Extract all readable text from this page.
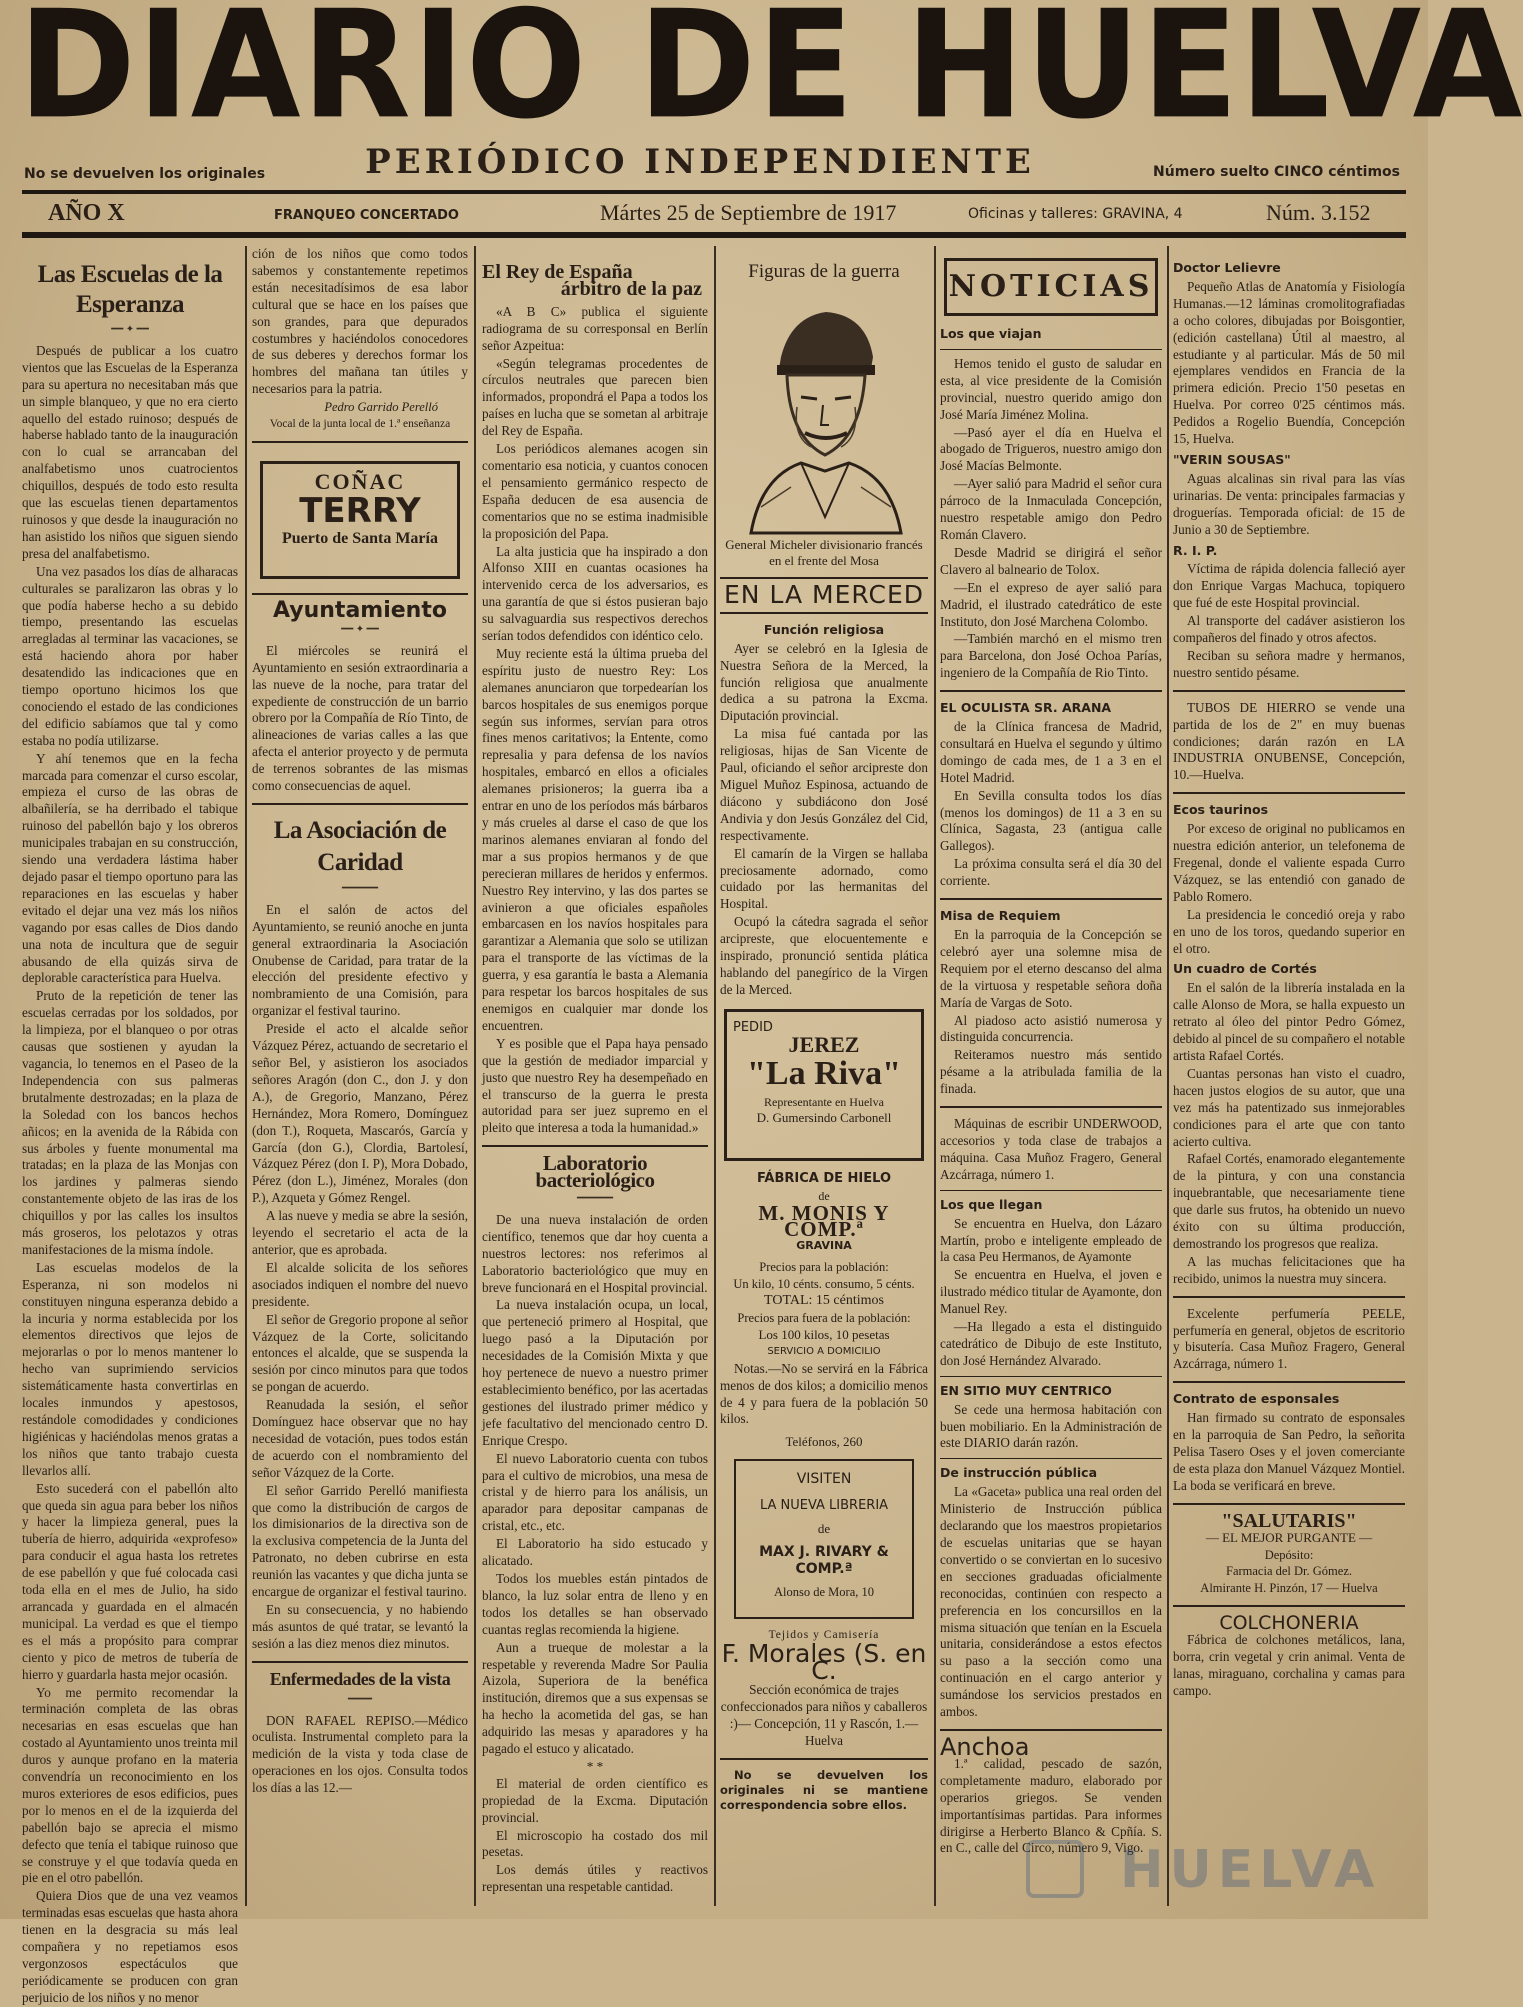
DIARIO DE HUELVA
No se devuelven los originales	PERIÓDICO INDEPENDIENTE	Número suelto CINCO céntimos
AÑO X	FRANQUEO CONCERTADO	Mártes 25 de Septiembre de 1917	Oficinas y talleres: GRAVINA, 4	Núm. 3.152
Las Escuelas de la Esperanza
━━ ✦ ━━

Después de publicar a los cuatro vientos que las Escuelas de la Esperanza para su apertura no necesitaban más que un simple blanqueo, y que no era cierto aquello del estado ruinoso; después de haberse hablado tanto de la inauguración con lo cual se arrancaban del analfabetismo unos cuatrocientos chiquillos, después de todo esto resulta que las escuelas tienen departamentos ruinosos y que desde la inauguración no han asistido los niños que siguen siendo presa del analfabetismo.

Una vez pasados los días de alharacas culturales se paralizaron las obras y lo que podía haberse hecho a su debido tiempo, presentando las escuelas arregladas al terminar las vacaciones, se está haciendo ahora por haber desatendido las indicaciones que en tiempo oportuno hicimos los que conociendo el estado de las condiciones del edificio sabíamos que tal y como estaba no podía utilizarse.

Y ahí tenemos que en la fecha marcada para comenzar el curso escolar, empieza el curso de las obras de albañilería, se ha derribado el tabique ruinoso del pabellón bajo y los obreros municipales trabajan en su construcción, siendo una verdadera lástima haber dejado pasar el tiempo oportuno para las reparaciones en las escuelas y haber evitado el dejar una vez más los niños vagando por esas calles de Dios dando una nota de incultura que de seguir abusando de ella quizás sirva de deplorable característica para Huelva.

Pruto de la repetición de tener las escuelas cerradas por los soldados, por la limpieza, por el blanqueo o por otras causas que sostienen y ayudan la vagancia, lo tenemos en el Paseo de la Independencia con sus palmeras brutalmente destrozadas; en la plaza de la Soledad con los bancos hechos añicos; en la avenida de la Rábida con sus árboles y fuente monumental ma tratadas; en la plaza de las Monjas con los jardines y palmeras siendo constantemente objeto de las iras de los chiquillos y por las calles los insultos más groseros, los pelotazos y otras manifestaciones de la misma índole.

Las escuelas modelos de la Esperanza, ni son modelos ni constituyen ninguna esperanza debido a la incuria y norma establecida por los elementos directivos que lejos de mejorarlas o por lo menos mantener lo hecho van suprimiendo servicios sistemáticamente hasta convertirlas en locales inmundos y apestosos, restándole comodidades y condiciones higiénicas y haciéndolas menos gratas a los niños que tanto trabajo cuesta llevarlos allí.

Esto sucederá con el pabellón alto que queda sin agua para beber los niños y hacer la limpieza general, pues la tubería de hierro, adquirida «exprofeso» para conducir el agua hasta los retretes de ese pabellón y que fué colocada casi toda ella en el mes de Julio, ha sido arrancada y guardada en el almacén municipal. La verdad es que el tiempo es el más a propósito para comprar ciento y pico de metros de tubería de hierro y guardarla hasta mejor ocasión.

Yo me permito recomendar la terminación completa de las obras necesarias en esas escuelas que han costado al Ayuntamiento unos treinta mil duros y aunque profano en la materia convendría un reconocimiento en los muros exteriores de esos edificios, pues por lo menos en el de la izquierda del pabellón bajo se aprecia el mismo defecto que tenía el tabique ruinoso que se construye y el que todavía queda en pie en el otro pabellón.

Quiera Dios que de una vez veamos terminadas esas escuelas que hasta ahora tienen en la desgracia su más leal compañera y no repetiamos esos vergonzosos espectáculos que periódicamente se producen con gran perjuicio de los niños y no menor

ción de los niños que como todos sabemos y constantemente repetimos están necesitadísimos de esa labor cultural que se hace en los países que son grandes, para que depurados costumbres y haciéndolos conocedores de sus deberes y derechos formar los hombres del mañana tan útiles y necesarios para la patria.

Pedro Garrido Perelló
Vocal de la junta local de 1.ª enseñanza
COÑAC
TERRY
Puerto de Santa María
Ayuntamiento
━━ ✦ ━━

El miércoles se reunirá el Ayuntamiento en sesión extraordinaria a las nueve de la noche, para tratar del expediente de construcción de un barrio obrero por la Compañía de Río Tinto, de alineaciones de varias calles a las que afecta el anterior proyecto y de permuta de terrenos sobrantes de las mismas como consecuencias de aquel.

La Asociación de Caridad
━━━━━━

En el salón de actos del Ayuntamiento, se reunió anoche en junta general extraordinaria la Asociación Onubense de Caridad, para tratar de la elección del presidente efectivo y nombramiento de una Comisión, para organizar el festival taurino.

Preside el acto el alcalde señor Vázquez Pérez, actuando de secretario el señor Bel, y asistieron los asociados señores Aragón (don C., don J. y don A.), de Gregorio, Manzano, Pérez Hernández, Mora Romero, Domínguez (don T.), Roqueta, Mascarós, García y García (don G.), Clordia, Bartolesí, Vázquez Pérez (don I. P), Mora Dobado, Pérez (don L.), Jiménez, Morales (don P.), Azqueta y Gómez Rengel.

A las nueve y media se abre la sesión, leyendo el secretario el acta de la anterior, que es aprobada.

El alcalde solicita de los señores asociados indiquen el nombre del nuevo presidente.

El señor de Gregorio propone al señor Vázquez de la Corte, solicitando entonces el alcalde, que se suspenda la sesión por cinco minutos para que todos se pongan de acuerdo.

Reanudada la sesión, el señor Domínguez hace observar que no hay necesidad de votación, pues todos están de acuerdo con el nombramiento del señor Vázquez de la Corte.

El señor Garrido Perelló manifiesta que como la distribución de cargos de los dimisionarios de la directiva son de la exclusiva competencia de la Junta del Patronato, no deben cubrirse en esta reunión las vacantes y que dicha junta se encargue de organizar el festival taurino.

En su consecuencia, y no habiendo más asuntos de qué tratar, se levantó la sesión a las diez menos diez minutos.

Enfermedades de la vista
━━━━

DON RAFAEL REPISO.—Médico oculista. Instrumental completo para la medición de la vista y toda clase de operaciones en los ojos. Consulta todos los días a las 12.—

El Rey de España
árbitro de la paz

«A B C» publica el siguiente radiograma de su corresponsal en Berlín señor Azpeitua:

«Según telegramas procedentes de círculos neutrales que parecen bien informados, propondrá el Papa a todos los países en lucha que se sometan al arbitraje del Rey de España.

Los periódicos alemanes acogen sin comentario esa noticia, y cuantos conocen el pensamiento germánico respecto de España deducen de esa ausencia de comentarios que no se estima inadmisible la proposición del Papa.

La alta justicia que ha inspirado a don Alfonso XIII en cuantas ocasiones ha intervenido cerca de los adversarios, es una garantía de que si éstos pusieran bajo su salvaguardia sus respectivos derechos serían todos defendidos con idéntico celo.

Muy reciente está la última prueba del espíritu justo de nuestro Rey: Los alemanes anunciaron que torpedearían los barcos hospitales de sus enemigos porque según sus informes, servían para otros fines menos caritativos; la Entente, como represalia y para defensa de los navíos hospitales, embarcó en ellos a oficiales alemanes prisioneros; la guerra iba a entrar en uno de los períodos más bárbaros y más crueles al darse el caso de que los marinos alemanes enviaran al fondo del mar a sus propios hermanos y de que perecieran millares de heridos y enfermos. Nuestro Rey intervino, y las dos partes se avinieron a que oficiales españoles embarcasen en los navíos hospitales para garantizar a Alemania que solo se utilizan para el transporte de las víctimas de la guerra, y esa garantía le basta a Alemania para respetar los barcos hospitales de sus enemigos en cualquier mar donde los encuentren.

Y es posible que el Papa haya pensado que la gestión de mediador imparcial y justo que nuestro Rey ha desempeñado en el transcurso de la guerra le presta autoridad para ser juez supremo en el pleito que interesa a toda la humanidad.»

Laboratorio bacteriológico
━━━━━━

De una nueva instalación de orden científico, tenemos que dar hoy cuenta a nuestros lectores: nos referimos al Laboratorio bacteriológico que muy en breve funcionará en el Hospital provincial.

La nueva instalación ocupa, un local, que perteneció primero al Hospital, que luego pasó a la Diputación por necesidades de la Comisión Mixta y que hoy pertenece de nuevo a nuestro primer establecimiento benéfico, por las acertadas gestiones del ilustrado primer médico y jefe facultativo del mencionado centro D. Enrique Crespo.

El nuevo Laboratorio cuenta con tubos para el cultivo de microbios, una mesa de cristal y de hierro para los análisis, un aparador para depositar campanas de cristal, etc., etc.

El Laboratorio ha sido estucado y alicatado.

Todos los muebles están pintados de blanco, la luz solar entra de lleno y en todos los detalles se han observado cuantas reglas recomienda la higiene.

Aun a trueque de molestar a la respetable y reverenda Madre Sor Paulia Aizola, Superiora de la benéfica institución, diremos que a sus expensas se ha hecho la acometida del gas, se han adquirido las mesas y aparadores y ha pagado el estuco y alicatado.

* *

El material de orden científico es propiedad de la Excma. Diputación provincial.

El microscopio ha costado dos mil pesetas.

Los demás útiles y reactivos representan una respetable cantidad.

Figuras de la guerra
General Micheler divisionario francés en el frente del Mosa
EN LA MERCED
Función religiosa

Ayer se celebró en la Iglesia de Nuestra Señora de la Merced, la función religiosa que anualmente dedica a su patrona la Excma. Diputación provincial.

La misa fué cantada por las religiosas, hijas de San Vicente de Paul, oficiando el señor arcipreste don Miguel Muñoz Espinosa, actuando de diácono y subdiácono don José Andivia y don Jesús González del Cid, respectivamente.

El camarín de la Virgen se hallaba preciosamente adornado, como cuidado por las hermanitas del Hospital.

Ocupó la cátedra sagrada el señor arcipreste, que elocuentemente e inspirado, pronunció sentida plática hablando del panegírico de la Virgen de la Merced.

PEDID
JEREZ
"La Riva"
Representante en Huelva
D. Gumersindo Carbonell
FÁBRICA DE HIELO
de
M. MONIS Y COMP.ª
GRAVINA
Precios para la población:
Un kilo, 10 cénts. consumo, 5 cénts.
TOTAL: 15 céntimos
Precios para fuera de la población:
Los 100 kilos, 10 pesetas
SERVICIO A DOMICILIO

Notas.—No se servirá en la Fábrica menos de dos kilos; a domicilio menos de 4 y para fuera de la población 50 kilos.

Teléfonos, 260
VISITEN
LA NUEVA LIBRERIA
de
MAX J. RIVARY & COMP.ª
Alonso de Mora, 10
Tejidos y Camisería
F. Morales (S. en C.

Sección económica de trajes confeccionados para niños y caballeros :)— Concepción, 11 y Rascón, 1.—Huelva

No se devuelven los originales ni se mantiene correspondencia sobre ellos.

NOTICIAS
Los que viajan

Hemos tenido el gusto de saludar en esta, al vice presidente de la Comisión provincial, nuestro querido amigo don José María Jiménez Molina.

—Pasó ayer el día en Huelva el abogado de Trigueros, nuestro amigo don José Macías Belmonte.

—Ayer salió para Madrid el señor cura párroco de la Inmaculada Concepción, nuestro respetable amigo don Pedro Román Clavero.

Desde Madrid se dirigirá el señor Clavero al balneario de Tolox.

—En el expreso de ayer salió para Madrid, el ilustrado catedrático de este Instituto, don José Marchena Colombo.

—También marchó en el mismo tren para Barcelona, don José Ochoa Parías, ingeniero de la Compañía de Rio Tinto.

EL OCULISTA SR. ARANA

de la Clínica francesa de Madrid, consultará en Huelva el segundo y último domingo de cada mes, de 1 a 3 en el Hotel Madrid.

En Sevilla consulta todos los días (menos los domingos) de 11 a 3 en su Clínica, Sagasta, 23 (antigua calle Gallegos).

La próxima consulta será el día 30 del corriente.

Misa de Requiem

En la parroquia de la Concepción se celebró ayer una solemne misa de Requiem por el eterno descanso del alma de la virtuosa y respetable señora doña María de Vargas de Soto.

Al piadoso acto asistió numerosa y distinguida concurrencia.

Reiteramos nuestro más sentido pésame a la atribulada familia de la finada.

Máquinas de escribir UNDERWOOD, accesorios y toda clase de trabajos a máquina. Casa Muñoz Fragero, General Azcárraga, número 1.

Los que llegan

Se encuentra en Huelva, don Lázaro Martín, probo e inteligente empleado de la casa Peu Hermanos, de Ayamonte

Se encuentra en Huelva, el joven e ilustrado médico titular de Ayamonte, don Manuel Rey.

—Ha llegado a esta el distinguido catedrático de Dibujo de este Instituto, don José Hernández Alvarado.

EN SITIO MUY CENTRICO

Se cede una hermosa habitación con buen mobiliario. En la Administración de este DIARIO darán razón.

De instrucción pública

La «Gaceta» publica una real orden del Ministerio de Instrucción pública declarando que los maestros propietarios de escuelas unitarias que se hayan convertido o se conviertan en lo sucesivo en secciones graduadas oficialmente reconocidas, continúen con respecto a preferencia en los concursillos en la misma situación que tenían en la Escuela unitaria, considerándose a estos efectos su paso a la sección como una continuación en el cargo anterior y sumándose los servicios prestados en ambos.

Anchoa

1.ª calidad, pescado de sazón, completamente maduro, elaborado por operarios griegos. Se venden importantísimas partidas. Para informes dirigirse a Herberto Blanco & Cpñía. S. en C., calle del Circo, número 9, Vigo.

Doctor Lelievre

Pequeño Atlas de Anatomía y Fisiología Humanas.—12 láminas cromolitografiadas a ocho colores, dibujadas por Boisgontier, (edición castellana) Útil al maestro, al estudiante y al particular. Más de 50 mil ejemplares vendidos en Francia de la primera edición. Precio 1'50 pesetas en Huelva. Por correo 0'25 céntimos más. Pedidos a Rogelio Buendía, Concepción 15, Huelva.

"VERIN SOUSAS"

Aguas alcalinas sin rival para las vías urinarias. De venta: principales farmacias y droguerías. Temporada oficial: de 15 de Junio a 30 de Septiembre.

R. I. P.

Víctima de rápida dolencia falleció ayer don Enrique Vargas Machuca, topiquero que fué de este Hospital provincial.

Al transporte del cadáver asistieron los compañeros del finado y otros afectos.

Reciban su señora madre y hermanos, nuestro sentido pésame.

TUBOS DE HIERRO se vende una partida de los de 2" en muy buenas condiciones; darán razón en LA INDUSTRIA ONUBENSE, Concepción, 10.—Huelva.

Ecos taurinos

Por exceso de original no publicamos en nuestra edición anterior, un telefonema de Fregenal, donde el valiente espada Curro Vázquez, se las entendió con ganado de Pablo Romero.

La presidencia le concedió oreja y rabo en uno de los toros, quedando superior en el otro.

Un cuadro de Cortés

En el salón de la librería instalada en la calle Alonso de Mora, se halla expuesto un retrato al óleo del pintor Pedro Gómez, debido al pincel de su compañero el notable artista Rafael Cortés.

Cuantas personas han visto el cuadro, hacen justos elogios de su autor, que una vez más ha patentizado sus inmejorables condiciones para el arte que con tanto acierto cultiva.

Rafael Cortés, enamorado elegantemente de la pintura, y con una constancia inquebrantable, que necesariamente tiene que darle sus frutos, ha obtenido un nuevo éxito con su última producción, demostrando los progresos que realiza.

A las muchas felicitaciones que ha recibido, unimos la nuestra muy sincera.

Excelente perfumería PEELE, perfumería en general, objetos de escritorio y bisutería. Casa Muñoz Fragero, General Azcárraga, número 1.

Contrato de esponsales

Han firmado su contrato de esponsales en la parroquia de San Pedro, la señorita Pelisa Tasero Oses y el joven comerciante de esta plaza don Manuel Vázquez Montiel. La boda se verificará en breve.

"SALUTARIS"
— EL MEJOR PURGANTE —
Depósito:
Farmacia del Dr. Gómez.
Almirante H. Pinzón, 17 — Huelva
COLCHONERIA

Fábrica de colchones metálicos, lana, borra, crin vegetal y crin animal. Venta de lanas, miraguano, corchalina y camas para campo.

HUELVA
